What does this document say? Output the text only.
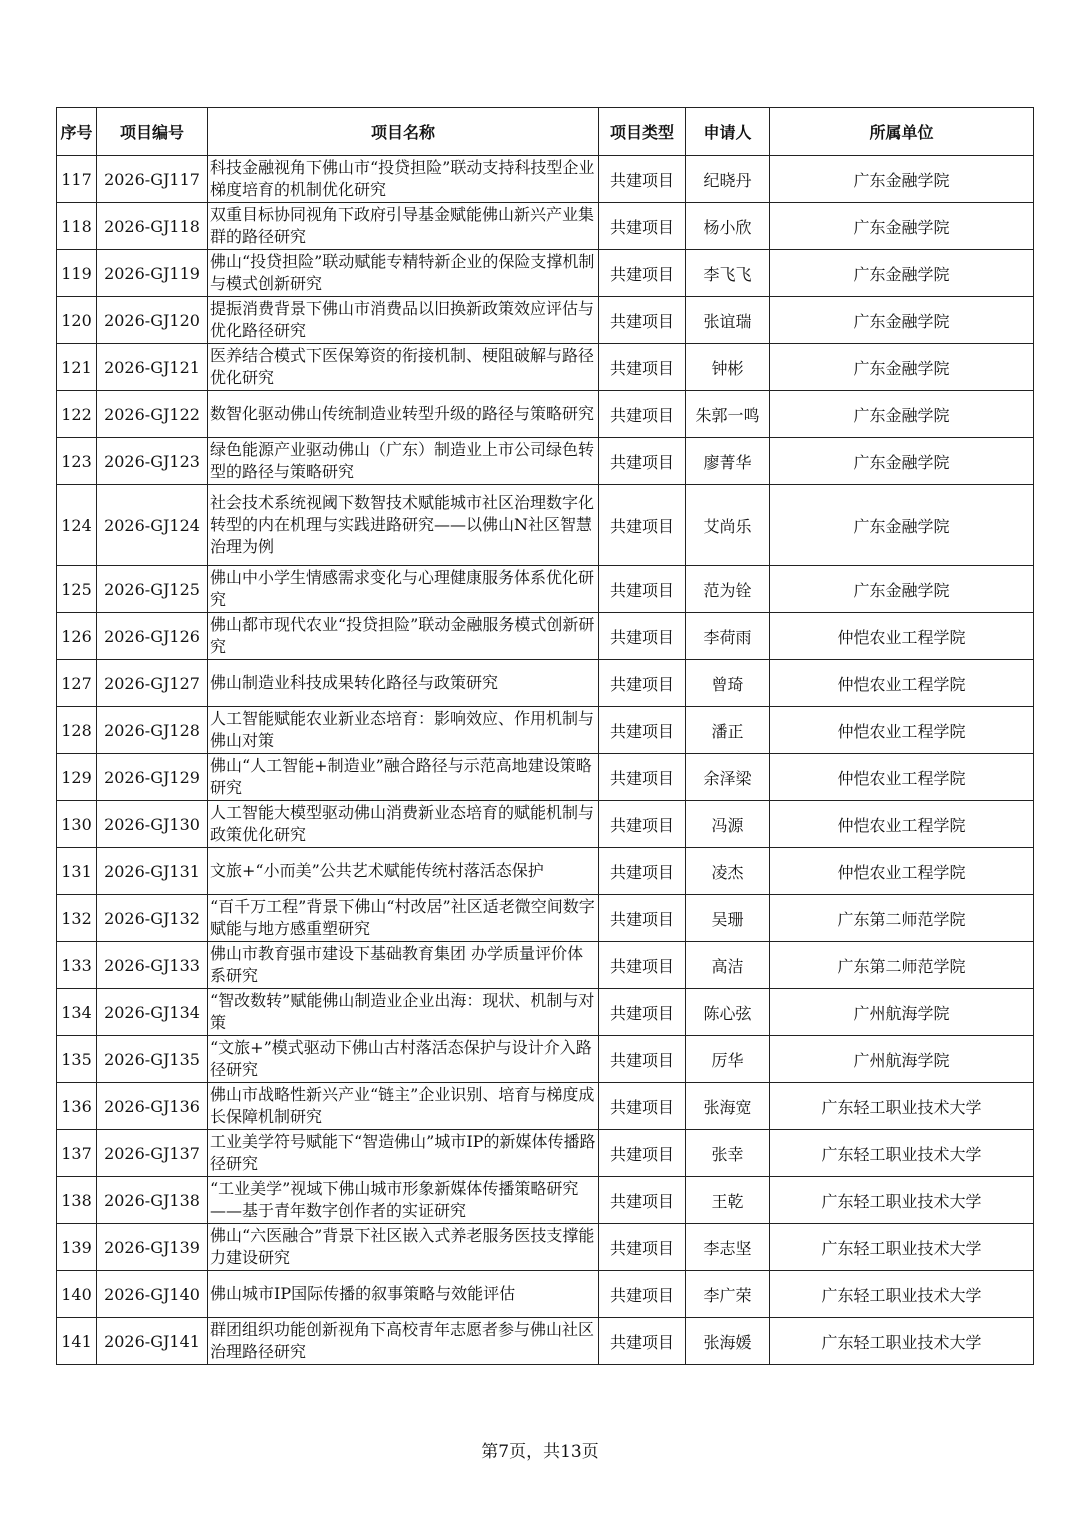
序号	项目编号	项目名称	项目类型	申请人	所属单位
117	2026-GJ117	科技金融视角下佛山市“投贷担险”联动支持科技型企业梯度培育的机制优化研究	共建项目	纪晓丹	广东金融学院
118	2026-GJ118	双重目标协同视角下政府引导基金赋能佛山新兴产业集群的路径研究	共建项目	杨小欣	广东金融学院
119	2026-GJ119	佛山“投贷担险”联动赋能专精特新企业的保险支撑机制与模式创新研究	共建项目	李飞飞	广东金融学院
120	2026-GJ120	提振消费背景下佛山市消费品以旧换新政策效应评估与优化路径研究	共建项目	张谊瑞	广东金融学院
121	2026-GJ121	医养结合模式下医保筹资的衔接机制、梗阻破解与路径优化研究	共建项目	钟彬	广东金融学院
122	2026-GJ122	数智化驱动佛山传统制造业转型升级的路径与策略研究	共建项目	朱郭一鸣	广东金融学院
123	2026-GJ123	绿色能源产业驱动佛山（广东）制造业上市公司绿色转型的路径与策略研究	共建项目	廖菁华	广东金融学院
124	2026-GJ124	社会技术系统视阈下数智技术赋能城市社区治理数字化转型的内在机理与实践进路研究——以佛山N社区智慧治理为例	共建项目	艾尚乐	广东金融学院
125	2026-GJ125	佛山中小学生情感需求变化与心理健康服务体系优化研究	共建项目	范为铨	广东金融学院
126	2026-GJ126	佛山都市现代农业“投贷担险”联动金融服务模式创新研究	共建项目	李荷雨	仲恺农业工程学院
127	2026-GJ127	佛山制造业科技成果转化路径与政策研究	共建项目	曾琦	仲恺农业工程学院
128	2026-GJ128	人工智能赋能农业新业态培育：影响效应、作用机制与佛山对策	共建项目	潘正	仲恺农业工程学院
129	2026-GJ129	佛山“人工智能+制造业”融合路径与示范高地建设策略研究	共建项目	余泽梁	仲恺农业工程学院
130	2026-GJ130	人工智能大模型驱动佛山消费新业态培育的赋能机制与政策优化研究	共建项目	冯源	仲恺农业工程学院
131	2026-GJ131	文旅+“小而美”公共艺术赋能传统村落活态保护	共建项目	凌杰	仲恺农业工程学院
132	2026-GJ132	“百千万工程”背景下佛山“村改居”社区适老微空间数字赋能与地方感重塑研究	共建项目	吴珊	广东第二师范学院
133	2026-GJ133	佛山市教育强市建设下基础教育集团 办学质量评价体系研究	共建项目	高洁	广东第二师范学院
134	2026-GJ134	“智改数转”赋能佛山制造业企业出海：现状、机制与对策	共建项目	陈心弦	广州航海学院
135	2026-GJ135	“文旅+”模式驱动下佛山古村落活态保护与设计介入路径研究	共建项目	厉华	广州航海学院
136	2026-GJ136	佛山市战略性新兴产业“链主”企业识别、培育与梯度成长保障机制研究	共建项目	张海宽	广东轻工职业技术大学
137	2026-GJ137	工业美学符号赋能下“智造佛山”城市IP的新媒体传播路径研究	共建项目	张幸	广东轻工职业技术大学
138	2026-GJ138	“工业美学”视域下佛山城市形象新媒体传播策略研究——基于青年数字创作者的实证研究	共建项目	王乾	广东轻工职业技术大学
139	2026-GJ139	佛山“六医融合”背景下社区嵌入式养老服务医技支撑能力建设研究	共建项目	李志坚	广东轻工职业技术大学
140	2026-GJ140	佛山城市IP国际传播的叙事策略与效能评估	共建项目	李广荣	广东轻工职业技术大学
141	2026-GJ141	群团组织功能创新视角下高校青年志愿者参与佛山社区治理路径研究	共建项目	张海媛	广东轻工职业技术大学
第7页，共13页
